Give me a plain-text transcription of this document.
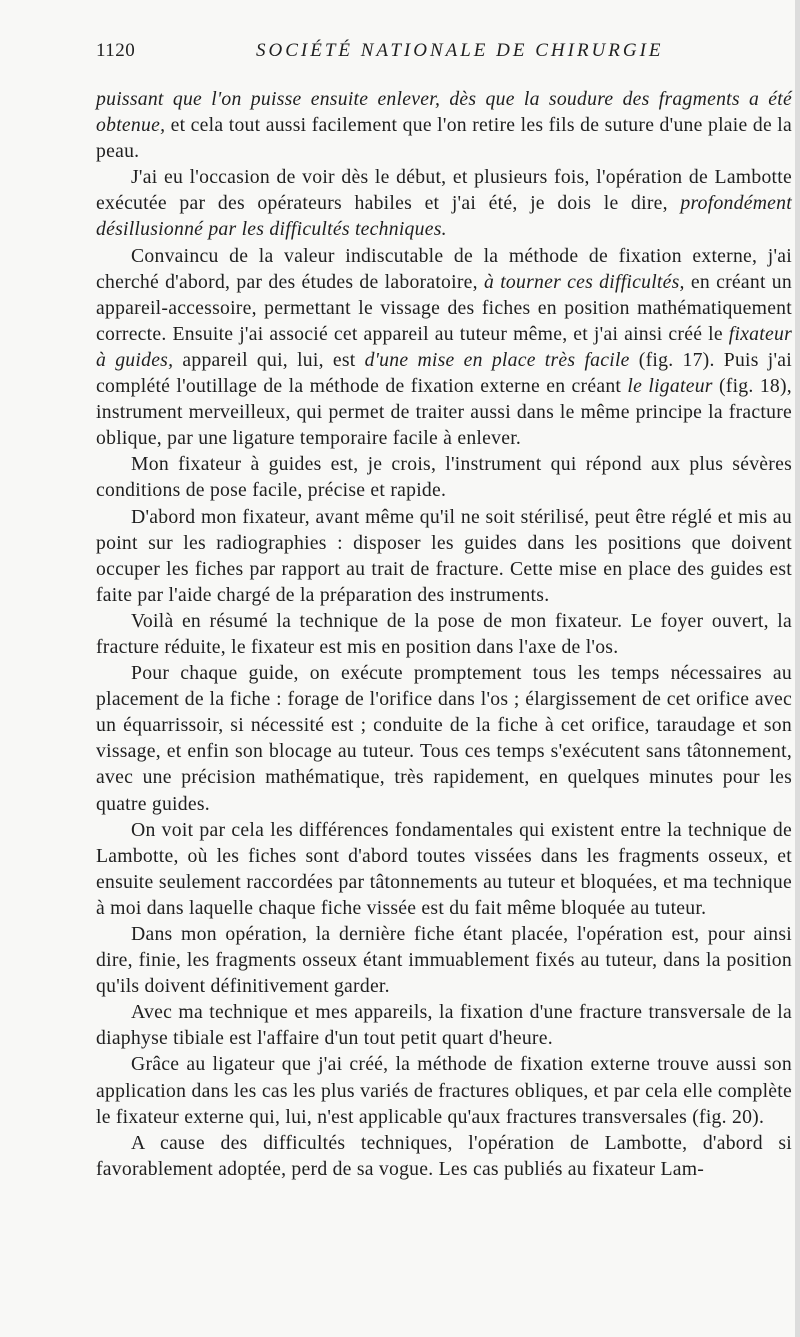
1120	SOCIÉTÉ NATIONALE DE CHIRURGIE

puissant que l'on puisse ensuite enlever, dès que la soudure des fragments a été obtenue, et cela tout aussi facilement que l'on retire les fils de suture d'une plaie de la peau.

J'ai eu l'occasion de voir dès le début, et plusieurs fois, l'opération de Lambotte exécutée par des opérateurs habiles et j'ai été, je dois le dire, profondément désillusionné par les difficultés techniques.

Convaincu de la valeur indiscutable de la méthode de fixation externe, j'ai cherché d'abord, par des études de laboratoire, à tourner ces difficultés, en créant un appareil-accessoire, permettant le vissage des fiches en position mathématiquement correcte. Ensuite j'ai associé cet appareil au tuteur même, et j'ai ainsi créé le fixateur à guides, appareil qui, lui, est d'une mise en place très facile (fig. 17). Puis j'ai complété l'outillage de la méthode de fixation externe en créant le ligateur (fig. 18), instrument merveilleux, qui permet de traiter aussi dans le même principe la fracture oblique, par une ligature temporaire facile à enlever.

Mon fixateur à guides est, je crois, l'instrument qui répond aux plus sévères conditions de pose facile, précise et rapide.

D'abord mon fixateur, avant même qu'il ne soit stérilisé, peut être réglé et mis au point sur les radiographies : disposer les guides dans les positions que doivent occuper les fiches par rapport au trait de fracture. Cette mise en place des guides est faite par l'aide chargé de la préparation des instruments.

Voilà en résumé la technique de la pose de mon fixateur. Le foyer ouvert, la fracture réduite, le fixateur est mis en position dans l'axe de l'os.

Pour chaque guide, on exécute promptement tous les temps nécessaires au placement de la fiche : forage de l'orifice dans l'os ; élargissement de cet orifice avec un équarrissoir, si nécessité est ; conduite de la fiche à cet orifice, taraudage et son vissage, et enfin son blocage au tuteur. Tous ces temps s'exécutent sans tâtonnement, avec une précision mathématique, très rapidement, en quelques minutes pour les quatre guides.

On voit par cela les différences fondamentales qui existent entre la technique de Lambotte, où les fiches sont d'abord toutes vissées dans les fragments osseux, et ensuite seulement raccordées par tâtonnements au tuteur et bloquées, et ma technique à moi dans laquelle chaque fiche vissée est du fait même bloquée au tuteur.

Dans mon opération, la dernière fiche étant placée, l'opération est, pour ainsi dire, finie, les fragments osseux étant immuablement fixés au tuteur, dans la position qu'ils doivent définitivement garder.

Avec ma technique et mes appareils, la fixation d'une fracture transversale de la diaphyse tibiale est l'affaire d'un tout petit quart d'heure.

Grâce au ligateur que j'ai créé, la méthode de fixation externe trouve aussi son application dans les cas les plus variés de fractures obliques, et par cela elle complète le fixateur externe qui, lui, n'est applicable qu'aux fractures transversales (fig. 20).

A cause des difficultés techniques, l'opération de Lambotte, d'abord si favorablement adoptée, perd de sa vogue. Les cas publiés au fixateur Lam-
